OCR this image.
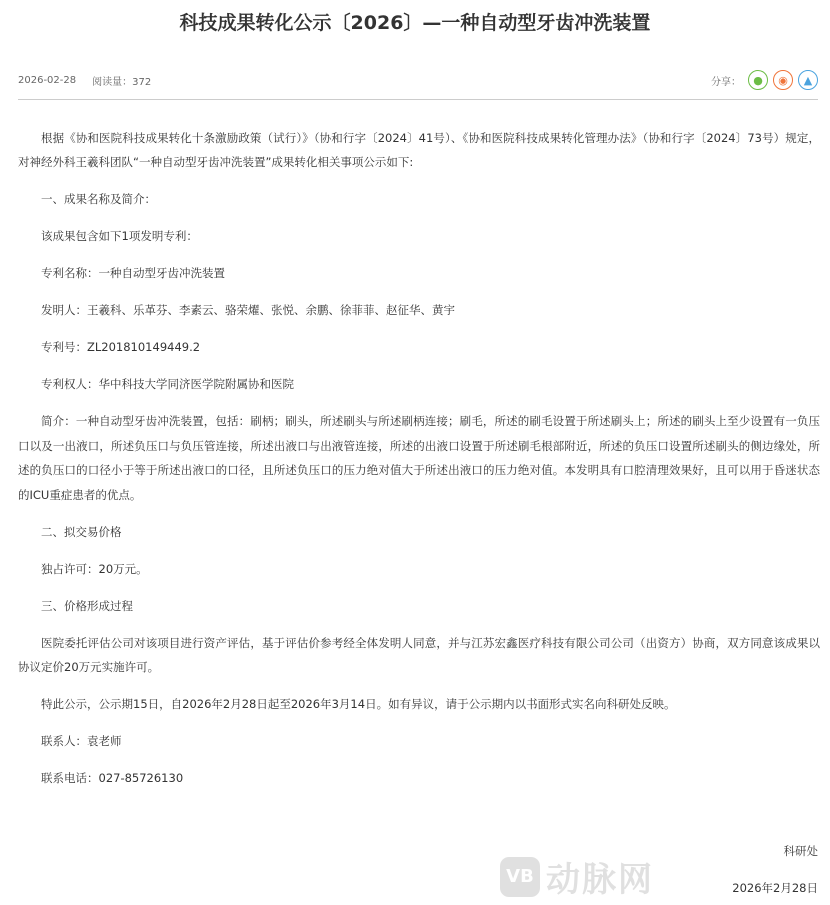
科技成果转化公示〔2026〕—一种自动型牙齿冲洗装置
2026-02-28 阅读量：372	分享：	●	◉	▲

根据《协和医院科技成果转化十条激励政策（试行）》（协和行字〔2024〕41号）、《协和医院科技成果转化管理办法》（协和行字〔2024〕73号）规定，对神经外科王羲科团队“一种自动型牙齿冲洗装置”成果转化相关事项公示如下:

一、成果名称及简介：

该成果包含如下1项发明专利：

专利名称：一种自动型牙齿冲洗装置

发明人：王羲科、乐革芬、李素云、骆荣燿、张悦、余鹏、徐菲菲、赵征华、黄宇

专利号：ZL201810149449.2

专利权人：华中科技大学同济医学院附属协和医院

简介：一种自动型牙齿冲洗装置，包括：刷柄；刷头，所述刷头与所述刷柄连接；刷毛，所述的刷毛设置于所述刷头上；所述的刷头上至少设置有一负压口以及一出液口，所述负压口与负压管连接，所述出液口与出液管连接，所述的出液口设置于所述刷毛根部附近，所述的负压口设置所述刷头的侧边缘处，所述的负压口的口径小于等于所述出液口的口径，且所述负压口的压力绝对值大于所述出液口的压力绝对值。本发明具有口腔清理效果好，且可以用于昏迷状态的ICU重症患者的优点。

二、拟交易价格

独占许可：20万元。

三、价格形成过程

医院委托评估公司对该项目进行资产评估，基于评估价参考经全体发明人同意，并与江苏宏鑫医疗科技有限公司公司（出资方）协商，双方同意该成果以协议定价20万元实施许可。

特此公示，公示期15日，自2026年2月28日起至2026年3月14日。如有异议，请于公示期内以书面形式实名向科研处反映。

联系人：袁老师

联系电话：027-85726130

VB 动脉网
科研处
2026年2月28日
